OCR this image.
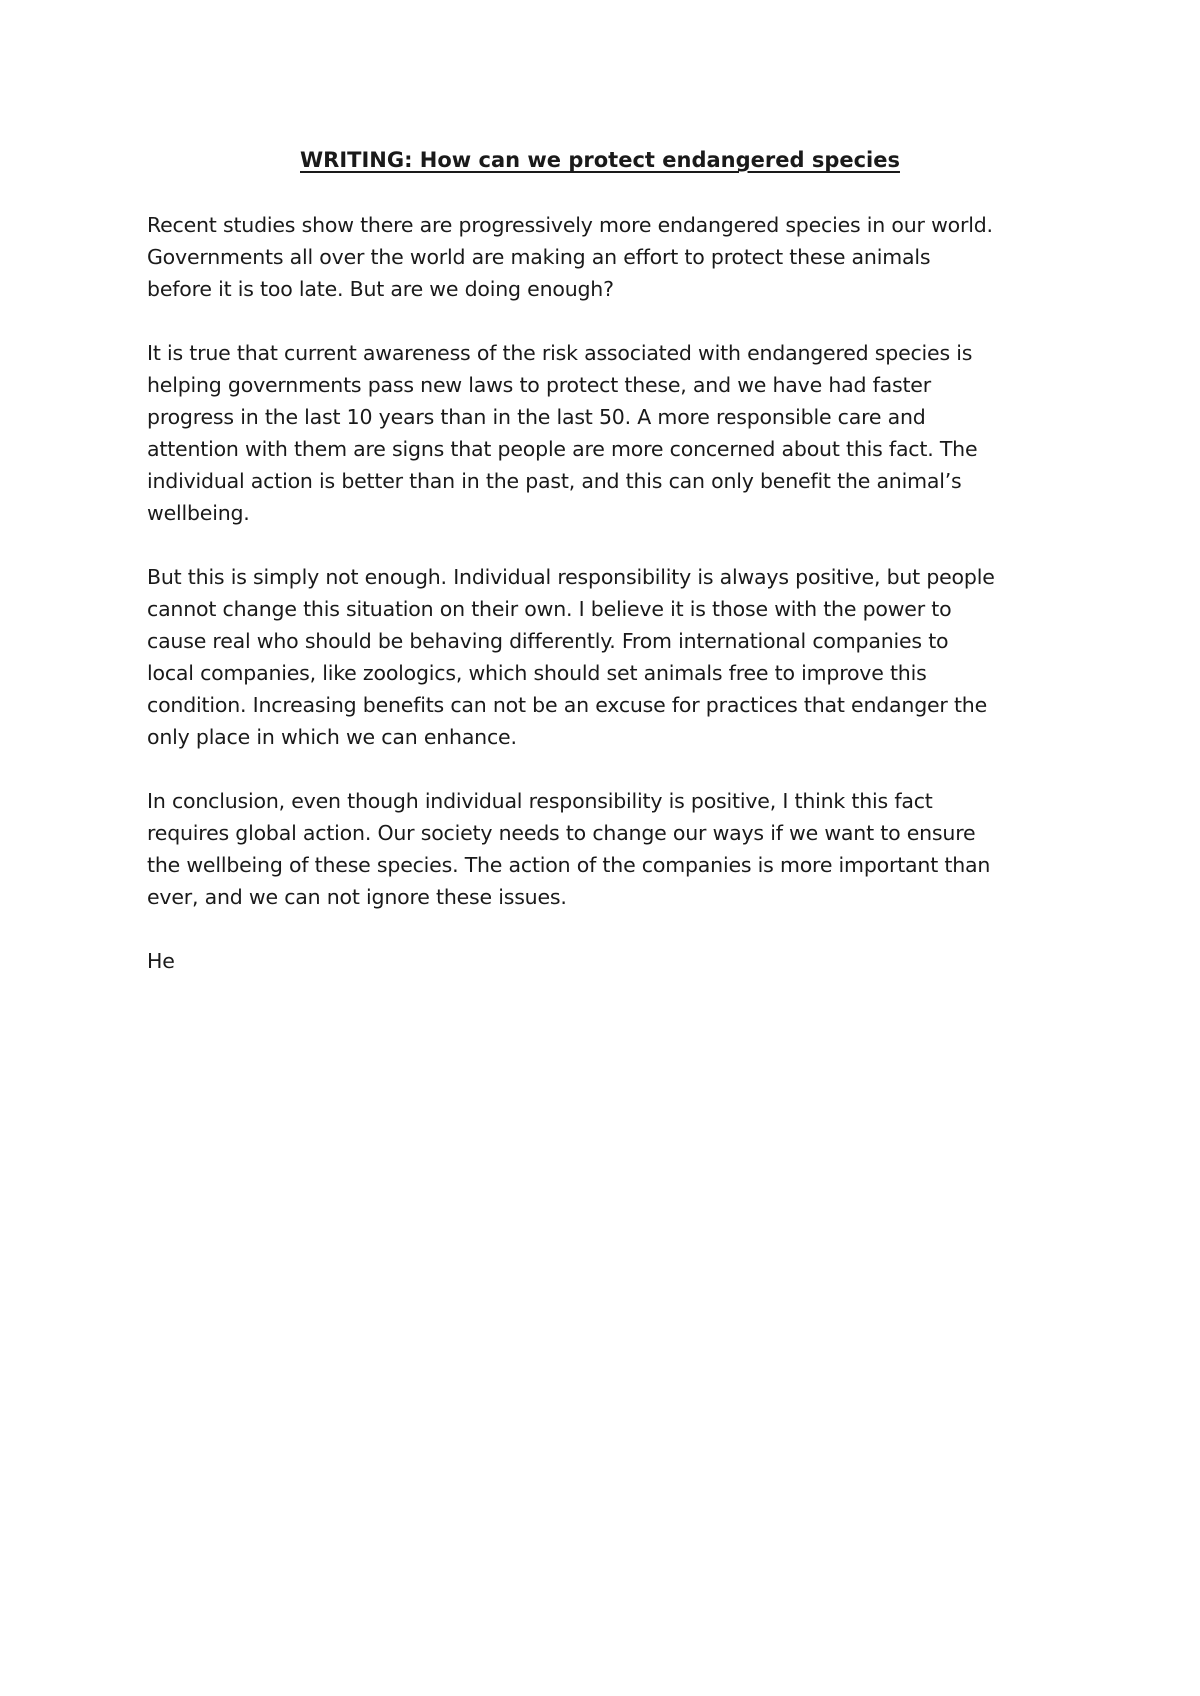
WRITING: How can we protect endangered species

Recent studies show there are progressively more endangered species in our world.
Governments all over the world are making an effort to protect these animals
before it is too late. But are we doing enough?

It is true that current awareness of the risk associated with endangered species is
helping governments pass new laws to protect these, and we have had faster
progress in the last 10 years than in the last 50. A more responsible care and
attention with them are signs that people are more concerned about this fact. The
individual action is better than in the past, and this can only benefit the animal’s
wellbeing.

But this is simply not enough. Individual responsibility is always positive, but people
cannot change this situation on their own. I believe it is those with the power to
cause real who should be behaving differently. From international companies to
local companies, like zoologics, which should set animals free to improve this
condition. Increasing benefits can not be an excuse for practices that endanger the
only place in which we can enhance.

In conclusion, even though individual responsibility is positive, I think this fact
requires global action. Our society needs to change our ways if we want to ensure
the wellbeing of these species. The action of the companies is more important than
ever, and we can not ignore these issues.

He
